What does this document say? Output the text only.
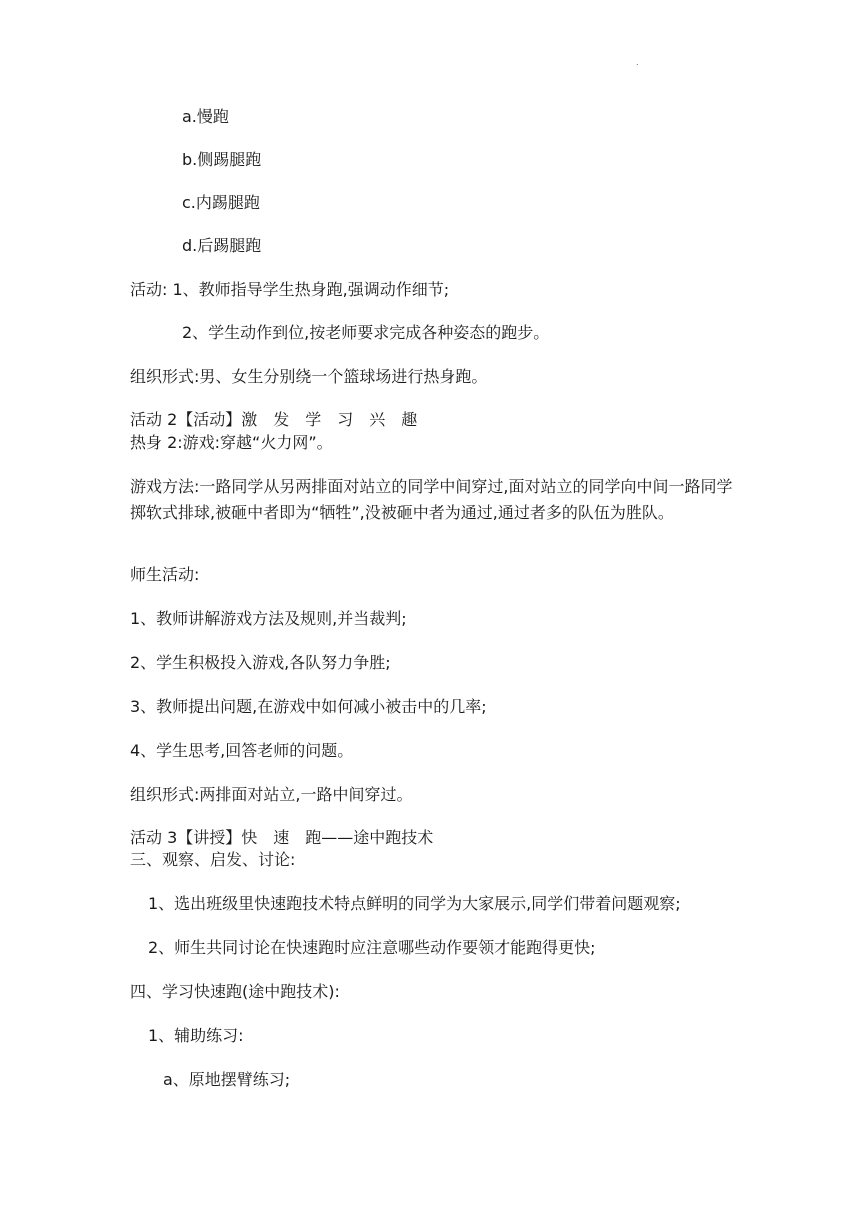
.
a.慢跑
b.侧踢腿跑
c.内踢腿跑
d.后踢腿跑
活动: 1、教师指导学生热身跑,强调动作细节;
2、学生动作到位,按老师要求完成各种姿态的跑步。
组织形式:男、女生分别绕一个篮球场进行热身跑。
活动 2【活动】激　发　学　习　兴　趣
热身 2:游戏:穿越“火力网”。
游戏方法:一路同学从另两排面对站立的同学中间穿过,面对站立的同学向中间一路同学掷软式排球,被砸中者即为“牺牲”,没被砸中者为通过,通过者多的队伍为胜队。
师生活动:
1、教师讲解游戏方法及规则,并当裁判;
2、学生积极投入游戏,各队努力争胜;
3、教师提出问题,在游戏中如何减小被击中的几率;
4、学生思考,回答老师的问题。
组织形式:两排面对站立,一路中间穿过。
活动 3【讲授】快　速　跑——途中跑技术
三、观察、启发、讨论:
1、选出班级里快速跑技术特点鲜明的同学为大家展示,同学们带着问题观察;
2、师生共同讨论在快速跑时应注意哪些动作要领才能跑得更快;
四、学习快速跑(途中跑技术):
1、辅助练习:
a、原地摆臂练习;
